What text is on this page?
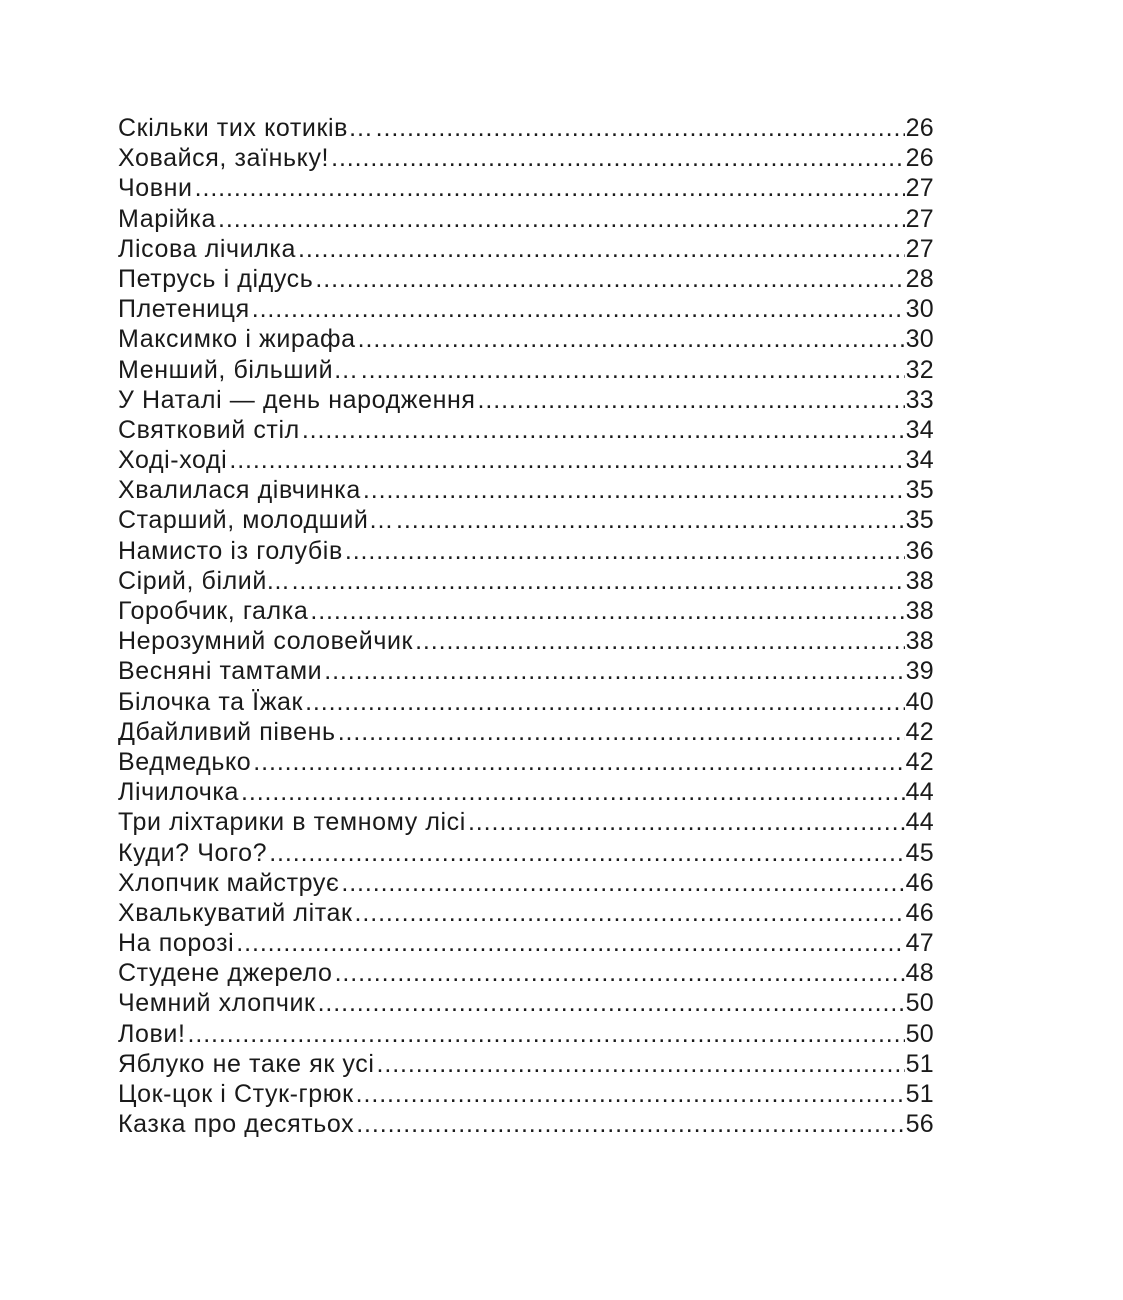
Скільки тих котиків… .....	26
Ховайся, заїньку! .....	26
Човни .....	27
Марійка .....	27
Лісова лічилка .....	27
Петрусь і дідусь .....	28
Плетениця .....	30
Максимко і жирафа .....	30
Менший, більший… .....	32
У Наталі — день народження .....	33
Святковий стіл .....	34
Ході-ході .....	34
Хвалилася дівчинка .....	35
Старший, молодший… .....	35
Намисто із голубів .....	36
Сірий, білий... .....	38
Горобчик, галка .....	38
Нерозумний соловейчик .....	38
Весняні тамтами .....	39
Білочка та Їжак .....	40
Дбайливий півень .....	42
Ведмедько .....	42
Лічилочка .....	44
Три ліхтарики в темному лісі .....	44
Куди? Чого? .....	45
Хлопчик майструє .....	46
Хвалькуватий літак .....	46
На порозі .....	47
Студене джерело .....	48
Чемний хлопчик .....	50
Лови! .....	50
Яблуко не таке як усі .....	51
Цок-цок і Стук-грюк .....	51
Казка про десятьох .....	56
